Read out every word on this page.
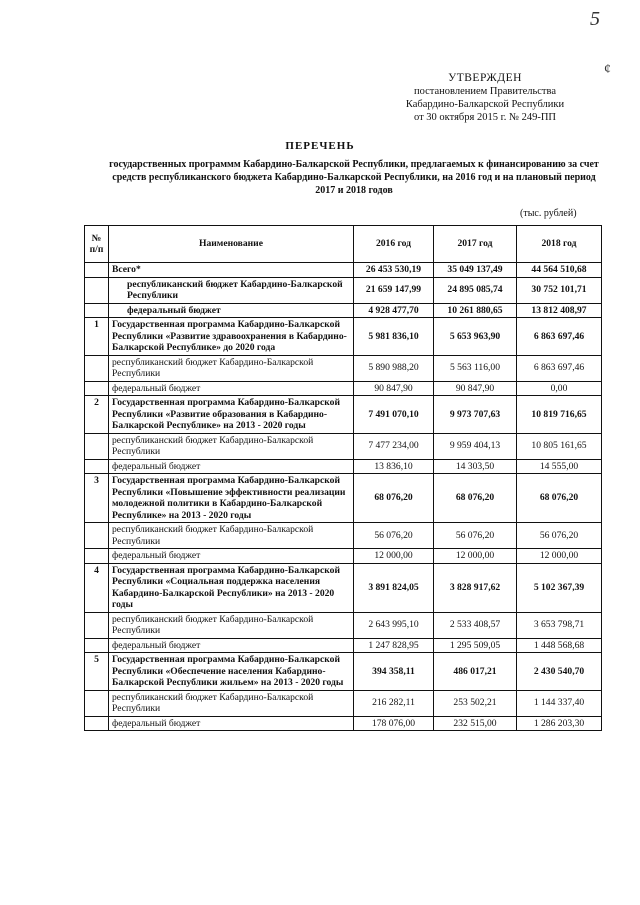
5
¢
УТВЕРЖДЕН
постановлением Правительства
Кабардино-Балкарской Республики
от 30 октября 2015 г. № 249-ПП
ПЕРЕЧЕНЬ
государственных программм Кабардино-Балкарской Республики, предлагаемых к финансированию за счет средств республиканского бюджета Кабардино-Балкарской Республики, на 2016 год и на плановый период 2017 и 2018 годов
(тыс. рублей)
№ п/п	Наименование	2016 год	2017 год	2018 год
	Всего*	26 453 530,19	35 049 137,49	44 564 510,68
	республиканский бюджет Кабардино-Балкарской Республики	21 659 147,99	24 895 085,74	30 752 101,71
	федеральный бюджет	4 928 477,70	10 261 880,65	13 812 408,97
1	Государственная программа Кабардино-Балкарской Республики «Развитие здравоохранения в Кабардино-Балкарской Республике» до 2020 года	5 981 836,10	5 653 963,90	6 863 697,46
	республиканский бюджет Кабардино-Балкарской Республики	5 890 988,20	5 563 116,00	6 863 697,46
	федеральный бюджет	90 847,90	90 847,90	0,00
2	Государственная программа Кабардино-Балкарской Республики «Развитие образования в Кабардино-Балкарской Республике» на 2013 - 2020 годы	7 491 070,10	9 973 707,63	10 819 716,65
	республиканский бюджет Кабардино-Балкарской Республики	7 477 234,00	9 959 404,13	10 805 161,65
	федеральный бюджет	13 836,10	14 303,50	14 555,00
3	Государственная программа Кабардино-Балкарской Республики «Повышение эффективности реализации молодежной политики в Кабардино-Балкарской Республике» на 2013 - 2020 годы	68 076,20	68 076,20	68 076,20
	республиканский бюджет Кабардино-Балкарской Республики	56 076,20	56 076,20	56 076,20
	федеральный бюджет	12 000,00	12 000,00	12 000,00
4	Государственная программа Кабардино-Балкарской Республики «Социальная поддержка населения Кабардино-Балкарской Республики» на 2013 - 2020 годы	3 891 824,05	3 828 917,62	5 102 367,39
	республиканский бюджет Кабардино-Балкарской Республики	2 643 995,10	2 533 408,57	3 653 798,71
	федеральный бюджет	1 247 828,95	1 295 509,05	1 448 568,68
5	Государственная программа Кабардино-Балкарской Республики «Обеспечение населения Кабардино-Балкарской Республики жильем» на 2013 - 2020 годы	394 358,11	486 017,21	2 430 540,70
	республиканский бюджет Кабардино-Балкарской Республики	216 282,11	253 502,21	1 144 337,40
	федеральный бюджет	178 076,00	232 515,00	1 286 203,30
